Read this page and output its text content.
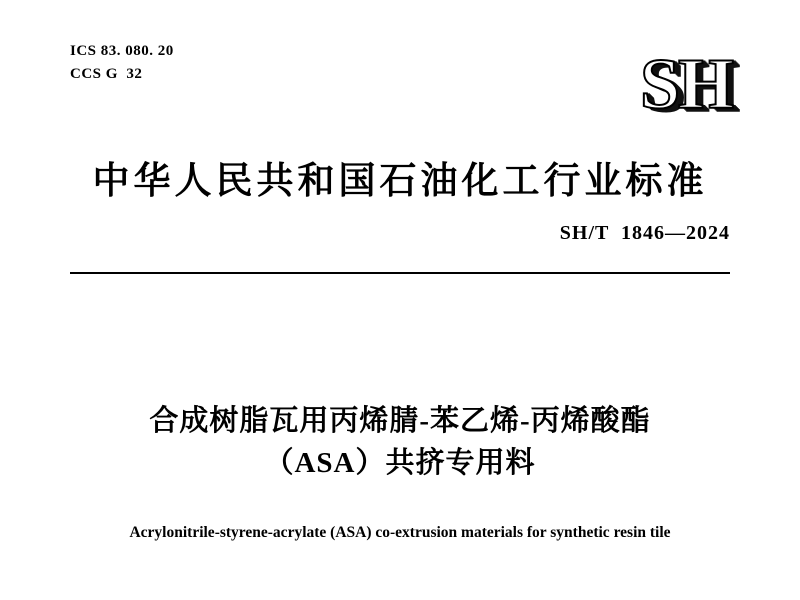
ICS 83. 080. 20
CCS G  32	SH
中华人民共和国石油化工行业标准
SH/T  1846—2024
合成树脂瓦用丙烯腈-苯乙烯-丙烯酸酯
（ASA）共挤专用料
Acrylonitrile-styrene-acrylate (ASA) co-extrusion materials for synthetic resin tile
